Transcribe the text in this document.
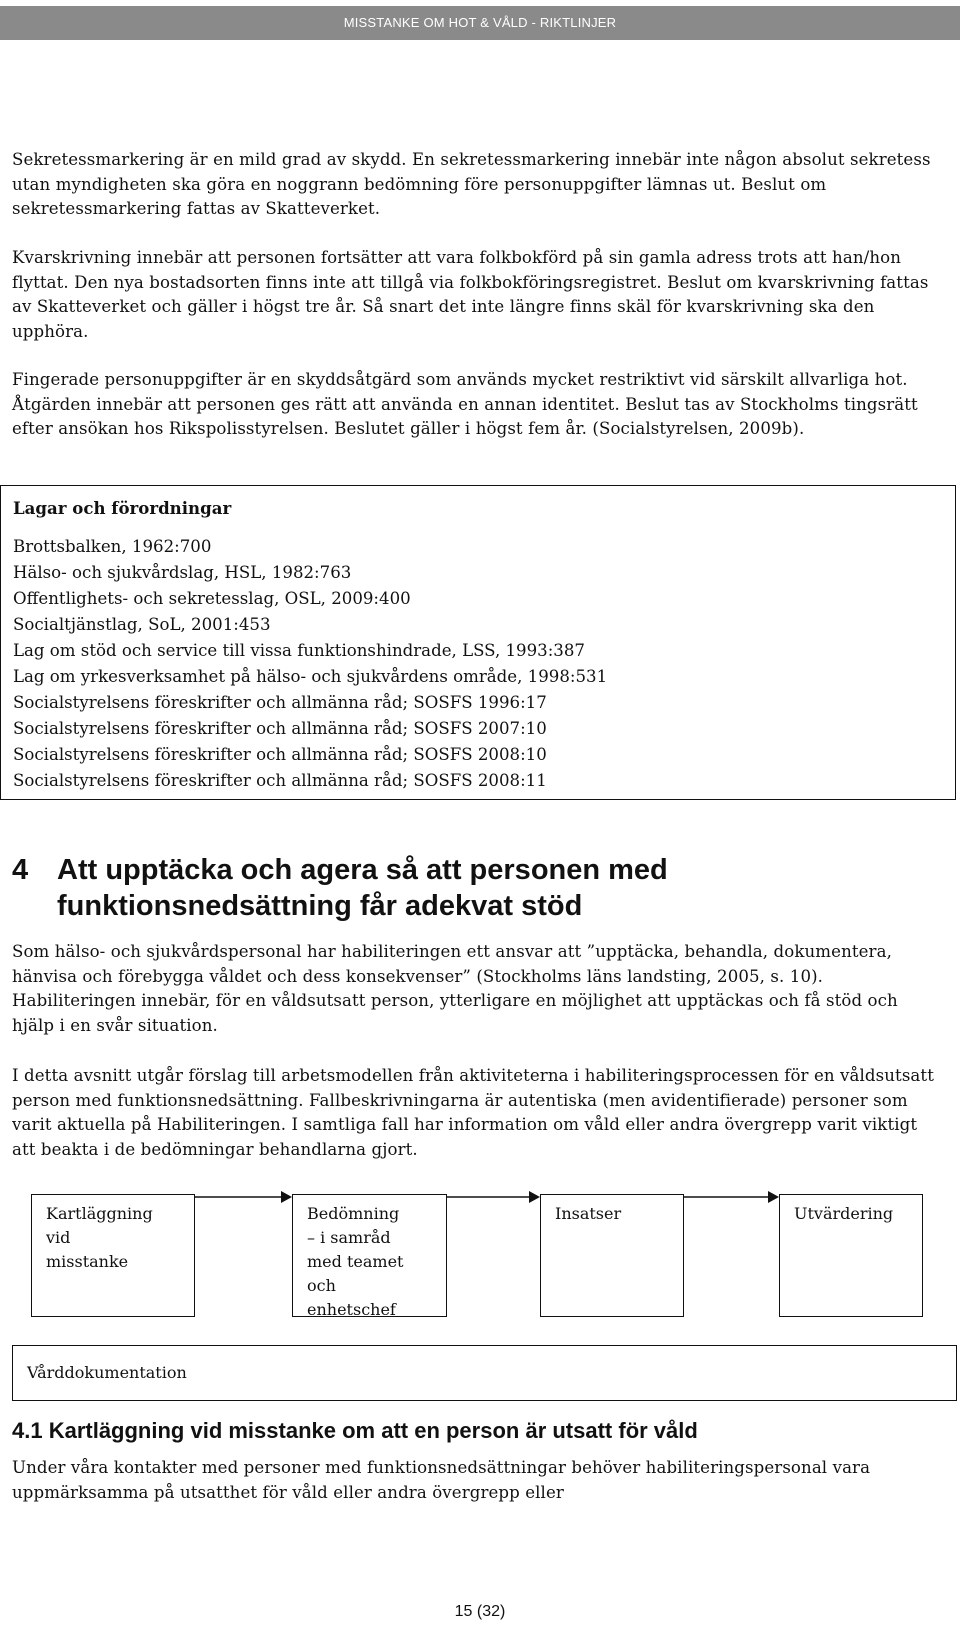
MISSTANKE OM HOT & VÅLD - RIKTLINJER

Sekretessmarkering är en mild grad av skydd. En sekretessmarkering innebär inte någon absolut sekretess utan myndigheten ska göra en noggrann bedömning före personuppgifter lämnas ut. Beslut om sekretessmarkering fattas av Skatteverket.

Kvarskrivning innebär att personen fortsätter att vara folkbokförd på sin gamla adress trots att han/hon flyttat. Den nya bostadsorten finns inte att tillgå via folkbokföringsregistret. Beslut om kvarskrivning fattas av Skatteverket och gäller i högst tre år. Så snart det inte längre finns skäl för kvarskrivning ska den upphöra.

Fingerade personuppgifter är en skyddsåtgärd som används mycket restriktivt vid särskilt allvarliga hot. Åtgärden innebär att personen ges rätt att använda en annan identitet. Beslut tas av Stockholms tingsrätt efter ansökan hos Rikspolisstyrelsen. Beslutet gäller i högst fem år. (Socialstyrelsen, 2009b).

Lagar och förordningar

Brottsbalken, 1962:700
Hälso- och sjukvårdslag, HSL, 1982:763
Offentlighets- och sekretesslag, OSL, 2009:400
Socialtjänstlag, SoL, 2001:453
Lag om stöd och service till vissa funktionshindrade, LSS, 1993:387
Lag om yrkesverksamhet på hälso- och sjukvårdens område, 1998:531
Socialstyrelsens föreskrifter och allmänna råd; SOSFS 1996:17
Socialstyrelsens föreskrifter och allmänna råd; SOSFS 2007:10
Socialstyrelsens föreskrifter och allmänna råd; SOSFS 2008:10
Socialstyrelsens föreskrifter och allmänna råd; SOSFS 2008:11
4 Att upptäcka och agera så att personen med funktionsnedsättning får adekvat stöd

Som hälso- och sjukvårdspersonal har habiliteringen ett ansvar att ”upptäcka, behandla, dokumentera, hänvisa och förebygga våldet och dess konsekvenser” (Stockholms läns landsting, 2005, s. 10). Habiliteringen innebär, för en våldsutsatt person, ytterligare en möjlighet att upptäckas och få stöd och hjälp i en svår situation.

I detta avsnitt utgår förslag till arbetsmodellen från aktiviteterna i habiliteringsprocessen för en våldsutsatt person med funktionsnedsättning. Fallbeskrivningarna är autentiska (men avidentifierade) personer som varit aktuella på Habiliteringen. I samtliga fall har information om våld eller andra övergrepp varit viktigt att beakta i de bedömningar behandlarna gjort.

Kartläggning
vid
misstanke
Bedömning
– i samråd
med teamet
och
enhetschef
Insatser	Utvärdering
Vårddokumentation
4.1 Kartläggning vid misstanke om att en person är utsatt för våld

Under våra kontakter med personer med funktionsnedsättningar behöver habiliteringspersonal vara uppmärksamma på utsatthet för våld eller andra övergrepp eller

15 (32)
